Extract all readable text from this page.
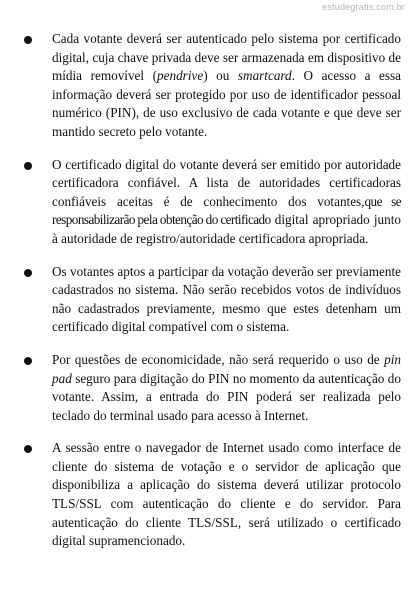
estudegratis.com.br

Cada votante deverá ser autenticado pelo sistema por certificado digital, cuja chave privada deve ser armazenada em dispositivo de mídia removível (pendrive) ou smartcard. O acesso a essa informação deverá ser protegido por uso de identificador pessoal numérico (PIN), de uso exclusivo de cada votante e que deve ser mantido secreto pelo votante.

O certificado digital do votante deverá ser emitido por autoridade certificadora confiável. A lista de autoridades certificadoras confiáveis aceitas é de conhecimento dos votantes,que se responsabilizarão pela obtenção do certificado digital apropriado junto à autoridade de registro/autoridade certificadora apropriada.

Os votantes aptos a participar da votação deverão ser previamente cadastrados no sistema. Não serão recebidos votos de indivíduos não cadastrados previamente, mesmo que estes detenham um certificado digital compatível com o sistema.

Por questões de economicidade, não será requerido o uso de pin pad seguro para digitação do PIN no momento da autenticação do votante. Assim, a entrada do PIN poderá ser realizada pelo teclado do terminal usado para acesso à Internet.

A sessão entre o navegador de Internet usado como interface de cliente do sistema de votação e o servidor de aplicação que disponibiliza a aplicação do sistema deverá utilizar protocolo TLS/SSL com autenticação do cliente e do servidor. Para autenticação do cliente TLS/SSL, será utilizado o certificado digital supramencionado.
